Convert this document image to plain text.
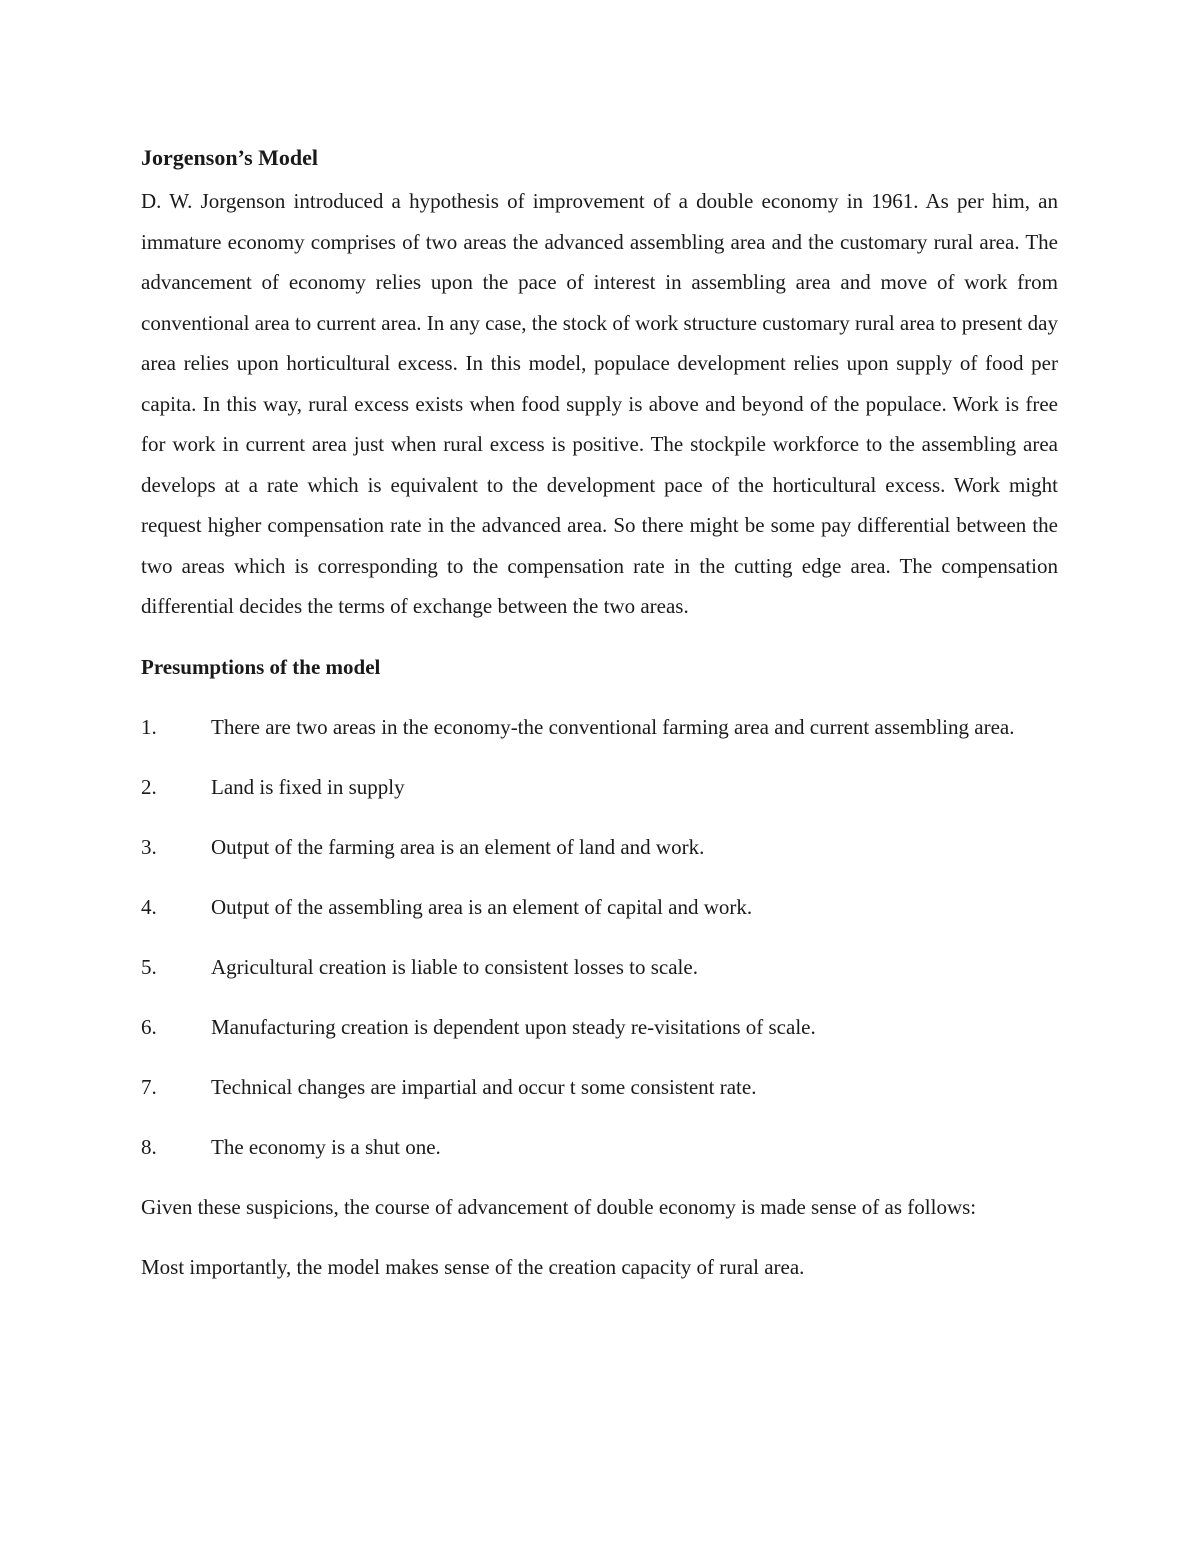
Jorgenson’s Model

D. W. Jorgenson introduced a hypothesis of improvement of a double economy in 1961. As per him, an immature economy comprises of two areas the advanced assembling area and the customary rural area. The advancement of economy relies upon the pace of interest in assembling area and move of work from conventional area to current area. In any case, the stock of work structure customary rural area to present day area relies upon horticultural excess. In this model, populace development relies upon supply of food per capita. In this way, rural excess exists when food supply is above and beyond of the populace. Work is free for work in current area just when rural excess is positive. The stockpile workforce to the assembling area develops at a rate which is equivalent to the development pace of the horticultural excess. Work might request higher compensation rate in the advanced area. So there might be some pay differential between the two areas which is corresponding to the compensation rate in the cutting edge area. The compensation differential decides the terms of exchange between the two areas.

Presumptions of the model
1.	There are two areas in the economy-the conventional farming area and current assembling area.
2.	Land is fixed in supply
3.	Output of the farming area is an element of land and work.
4.	Output of the assembling area is an element of capital and work.
5.	Agricultural creation is liable to consistent losses to scale.
6.	Manufacturing creation is dependent upon steady re-visitations of scale.
7.	Technical changes are impartial and occur t some consistent rate.
8.	The economy is a shut one.

Given these suspicions, the course of advancement of double economy is made sense of as follows:

Most importantly, the model makes sense of the creation capacity of rural area.
